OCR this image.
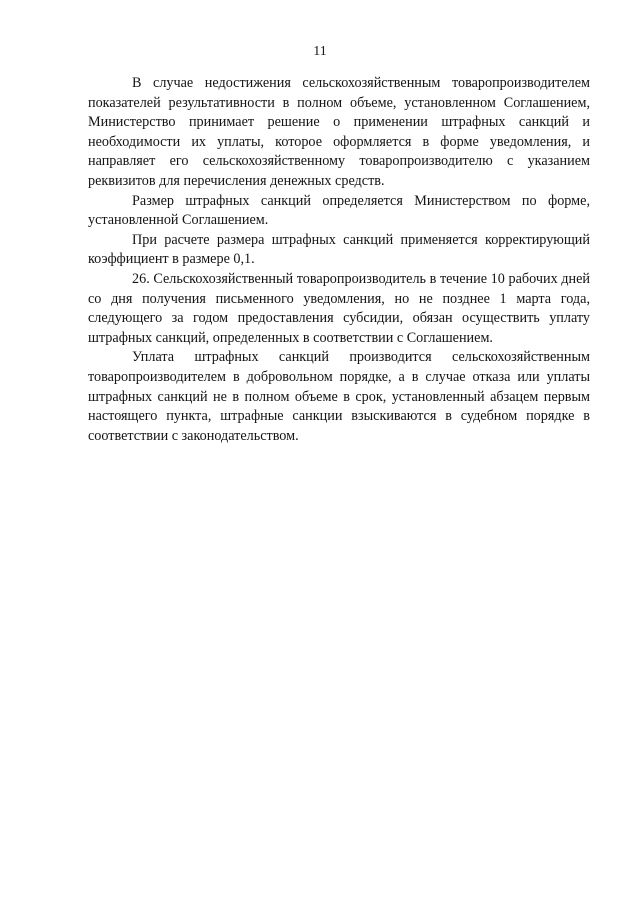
11

В случае недостижения сельскохозяйственным товаропроизводителем показателей результативности в полном объеме, установленном Соглашением, Министерство принимает решение о применении штрафных санкций и необходимости их уплаты, которое оформляется в форме уведомления, и направляет его сельскохозяйственному товаропроизводителю с указанием реквизитов для перечисления денежных средств.

Размер штрафных санкций определяется Министерством по форме, установленной Соглашением.

При расчете размера штрафных санкций применяется корректирующий коэффициент в размере 0,1.

26. Сельскохозяйственный товаропроизводитель в течение 10 рабочих дней со дня получения письменного уведомления, но не позднее 1 марта года, следующего за годом предоставления субсидии, обязан осуществить уплату штрафных санкций, определенных в соответствии с Соглашением.

Уплата штрафных санкций производится сельскохозяйственным товаропроизводителем в добровольном порядке, а в случае отказа или уплаты штрафных санкций не в полном объеме в срок, установленный абзацем первым настоящего пункта, штрафные санкции взыскиваются в судебном порядке в соответствии с законодательством.
